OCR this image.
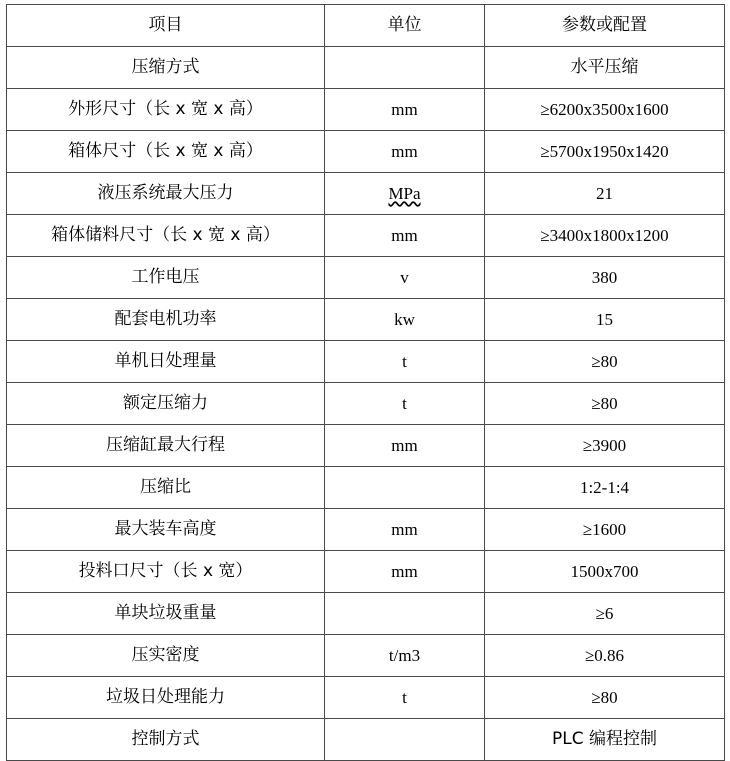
项目	单位	参数或配置
压缩方式		水平压缩
外形尺寸（长 x 宽 x 高）	mm	≥6200x3500x1600
箱体尺寸（长 x 宽 x 高）	mm	≥5700x1950x1420
液压系统最大压力	MPa	21
箱体储料尺寸（长 x 宽 x 高）	mm	≥3400x1800x1200
工作电压	v	380
配套电机功率	kw	15
单机日处理量	t	≥80
额定压缩力	t	≥80
压缩缸最大行程	mm	≥3900
压缩比		1:2-1:4
最大装车高度	mm	≥1600
投料口尺寸（长 x 宽）	mm	1500x700
单块垃圾重量		≥6
压实密度	t/m3	≥0.86
垃圾日处理能力	t	≥80
控制方式		PLC 编程控制
